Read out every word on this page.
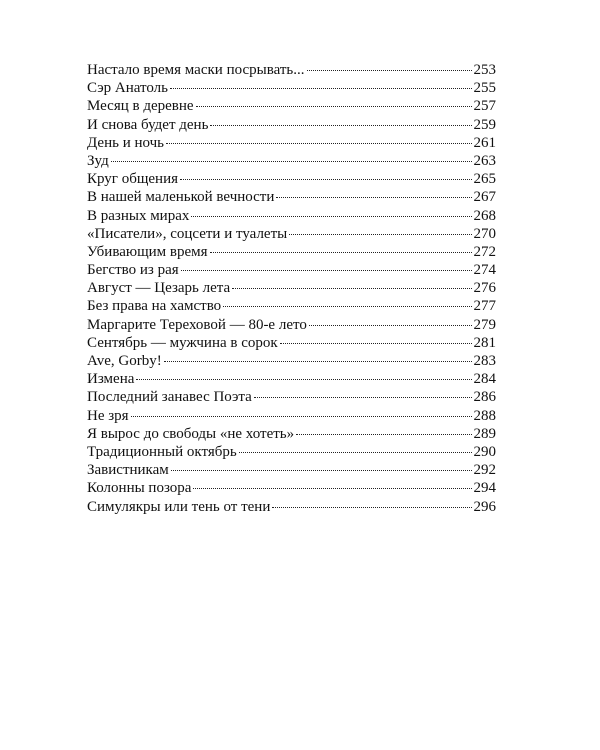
Настало время маски посрывать...	253
Сэр Анатоль	255
Месяц в деревне	257
И снова будет день	259
День и ночь	261
Зуд	263
Круг общения	265
В нашей маленькой вечности	267
В разных мирах	268
«Писатели», соцсети и туалеты	270
Убивающим время	272
Бегство из рая	274
Август — Цезарь лета	276
Без права на хамство	277
Маргарите Тереховой — 80-е лето	279
Сентябрь — мужчина в сорок	281
Ave, Gorby!	283
Измена	284
Последний занавес Поэта	286
Не зря	288
Я вырос до свободы «не хотеть»	289
Традиционный октябрь	290
Завистникам	292
Колонны позора	294
Симулякры или тень от тени	296
